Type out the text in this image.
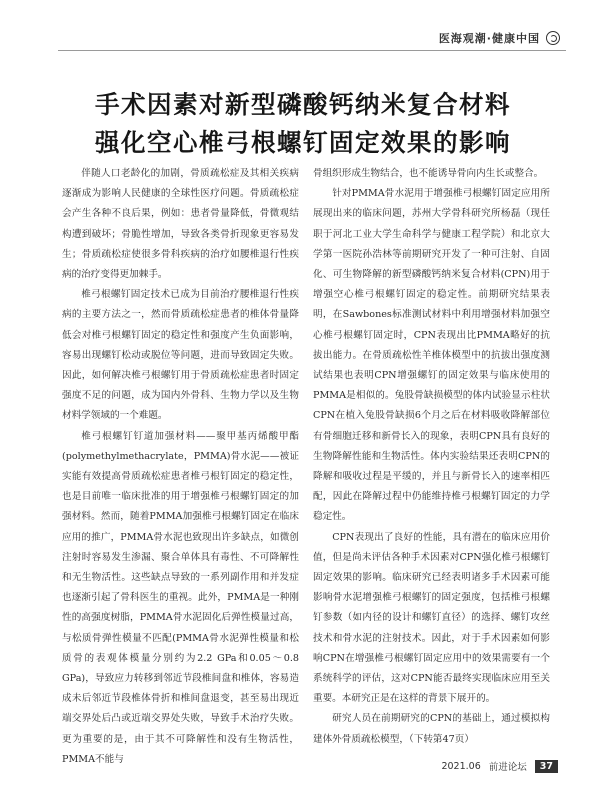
医海观潮·健康中国
手术因素对新型磷酸钙纳米复合材料
强化空心椎弓根螺钉固定效果的影响

伴随人口老龄化的加剧，骨质疏松症及其相关疾病逐渐成为影响人民健康的全球性医疗问题。骨质疏松症会产生各种不良后果，例如：患者骨量降低，骨微观结构遭到破坏；骨脆性增加，导致各类骨折现象更容易发生；骨质疏松症使很多骨科疾病的治疗如腰椎退行性疾病的治疗变得更加棘手。

椎弓根螺钉固定技术已成为目前治疗腰椎退行性疾病的主要方法之一，然而骨质疏松症患者的椎体骨量降低会对椎弓根螺钉固定的稳定性和强度产生负面影响，容易出现螺钉松动或脱位等问题，进而导致固定失败。因此，如何解决椎弓根螺钉用于骨质疏松症患者时固定强度不足的问题，成为国内外骨科、生物力学以及生物材料学领域的一个难题。

椎弓根螺钉钉道加强材料——聚甲基丙烯酸甲酯(polymethylmethacrylate，PMMA)骨水泥——被证实能有效提高骨质疏松症患者椎弓根钉固定的稳定性，也是目前唯一临床批准的用于增强椎弓根螺钉固定的加强材料。然而，随着PMMA加强椎弓根螺钉固定在临床应用的推广，PMMA骨水泥也致现出许多缺点，如微创注射时容易发生渗漏、聚合单体具有毒性、不可降解性和无生物活性。这些缺点导致的一系列副作用和并发症也逐渐引起了骨科医生的重视。此外，PMMA是一种刚性的高强度树脂，PMMA骨水泥固化后弹性模量过高，与松质骨弹性模量不匹配(PMMA骨水泥弹性模量和松质骨的表观体模量分别约为2.2 GPa和0.05～0.8 GPa)，导致应力转移到邻近节段椎间盘和椎体，容易造成未后邻近节段椎体骨折和椎间盘退变，甚至易出现近端交界处后凸或近端交界处失败，导致手术治疗失败。更为重要的是，由于其不可降解性和没有生物活性，PMMA不能与

骨组织形成生物结合，也不能诱导骨向内生长或整合。

针对PMMA骨水泥用于增强椎弓根螺钉固定应用所展现出来的临床问题，苏州大学骨科研究所杨磊（现任职于河北工业大学生命科学与健康工程学院）和北京大学第一医院孙浩林等前期研究开发了一种可注射、自固化、可生物降解的新型磷酸钙纳米复合材料(CPN)用于增强空心椎弓根螺钉固定的稳定性。前期研究结果表明，在Sawbones标准测试材料中利用增强材料加强空心椎弓根螺钉固定时，CPN表现出比PMMA略好的抗拔出能力。在骨质疏松性羊椎体模型中的抗拔出强度测试结果也表明CPN增强螺钉的固定效果与临床使用的PMMA是相似的。兔股骨缺损模型的体内试验显示柱状CPN在植入兔股骨缺损6个月之后在材料吸收降解部位有骨细胞迁移和新骨长入的现象，表明CPN具有良好的生物降解性能和生物活性。体内实验结果还表明CPN的降解和吸收过程是平缓的，并且与新骨长入的速率相匹配，因此在降解过程中仍能维持椎弓根螺钉固定的力学稳定性。

CPN表现出了良好的性能，具有潜在的临床应用价值，但是尚未评估各种手术因素对CPN强化椎弓根螺钉固定效果的影响。临床研究已经表明诸多手术因素可能影响骨水泥增强椎弓根螺钉的固定强度，包括椎弓根螺钉参数（如内径的设计和螺钉直径）的选择、螺钉攻丝技术和骨水泥的注射技术。因此，对于手术因素如何影响CPN在增强椎弓根螺钉固定应用中的效果需要有一个系统科学的评估，这对CPN能否最终实现临床应用至关重要。本研究正是在这样的背景下展开的。

研究人员在前期研究的CPN的基础上，通过模拟构建体外骨质疏松模型，（下转第47页）

2021.06 前进论坛	37
